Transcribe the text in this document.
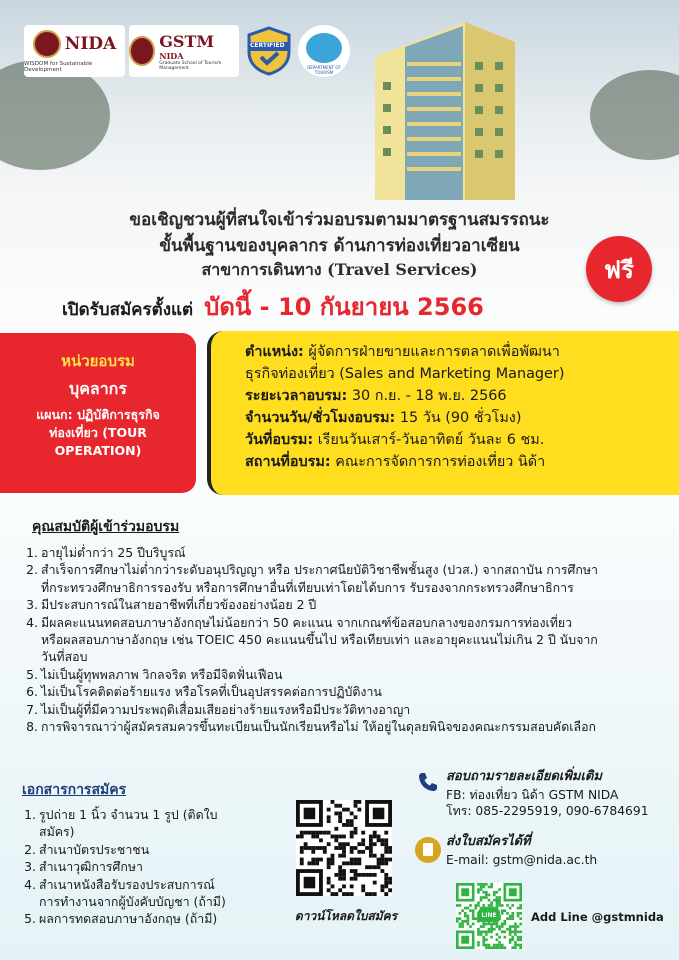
NIDA
WISDOM for Sustainable Development
GSTM
NIDA
Graduate School of Tourism Management
CERTIFIED
DEPARTMENT OF TOURISM
ขอเชิญชวนผู้ที่สนใจเข้าร่วมอบรมตามมาตรฐานสมรรถนะ
ขั้นพื้นฐานของบุคลากร ด้านการท่องเที่ยวอาเซียน
สาขาการเดินทาง (Travel Services)	ฟรี
เปิดรับสมัครตั้งแต่ บัดนี้ - 10 กันยายน 2566
หน่วยอบรม
บุคลากร
แผนก: ปฏิบัติการธุรกิจ
ท่องเที่ยว (TOUR
OPERATION)
ตำแหน่ง: ผู้จัดการฝ่ายขายและการตลาดเพื่อพัฒนา
ธุรกิจท่องเที่ยว (Sales and Marketing Manager)
ระยะเวลาอบรม: 30 ก.ย. - 18 พ.ย. 2566
จำนวนวัน/ชั่วโมงอบรม: 15 วัน (90 ชั่วโมง)
วันที่อบรม: เรียนวันเสาร์-วันอาทิตย์ วันละ 6 ชม.
สถานที่อบรม: คณะการจัดการการท่องเที่ยว นิด้า
คุณสมบัติผู้เข้าร่วมอบรม
1. อายุไม่ต่ำกว่า 25 ปีบริบูรณ์
2. สำเร็จการศึกษาไม่ต่ำกว่าระดับอนุปริญญา หรือ ประกาศนียบัติวิชาชีพชั้นสูง (ปวส.) จากสถาบัน การศึกษา
ที่กระทรวงศึกษาธิการรองรับ หรือการศึกษาอื่นที่เทียบเท่าโดยได้บการ รับรองจากกระทรวงศึกษาธิการ
3. มีประสบการณ์ในสายอาชีพที่เกี่ยวข้องอย่างน้อย 2 ปี
4. มีผลคะแนนทดสอบภาษาอังกฤษไม่น้อยกว่า 50 คะแนน จากเกณฑ์ข้อสอบกลางของกรมการท่องเที่ยว
หรือผลสอบภาษาอังกฤษ เช่น TOEIC 450 คะแนนขึ้นไป หรือเทียบเท่า และอายุคะแนนไม่เกิน 2 ปี นับจาก
วันที่สอบ
5. ไม่เป็นผู้ทุพพลภาพ วิกลจริต หรือมีจิตฟั่นเฟือน
6. ไม่เป็นโรคติดต่อร้ายแรง หรือโรคที่เป็นอุปสรรคต่อการปฏิบัติงาน
7. ไม่เป็นผู้ที่มีความประพฤติเสื่อมเสียอย่างร้ายแรงหรือมีประวัติทางอาญา
8. การพิจารณาว่าผู้สมัครสมควรขึ้นทะเบียนเป็นนักเรียนหรือไม่ ให้อยู่ในดุลยพินิจของคณะกรรมสอบคัดเลือก
เอกสารการสมัคร
1. รูปถ่าย 1 นิ้ว จำนวน 1 รูป (ติดใบ
สมัคร)
2. สำเนาบัตรประชาชน
3. สำเนาวุฒิการศึกษา
4. สำเนาหนังสือรับรองประสบการณ์
การทำงานจากผู้บังคับบัญชา (ถ้ามี)
5. ผลการทดสอบภาษาอังกฤษ (ถ้ามี)	ดาวน์โหลดใบสมัคร
สอบถามรายละเอียดเพิ่มเติม
FB: ท่องเที่ยว นิด้า GSTM NIDA
โทร: 085-2295919, 090-6784691
ส่งใบสมัครได้ที่
E-mail: gstm@nida.ac.th
LINE	Add Line @gstmnida
